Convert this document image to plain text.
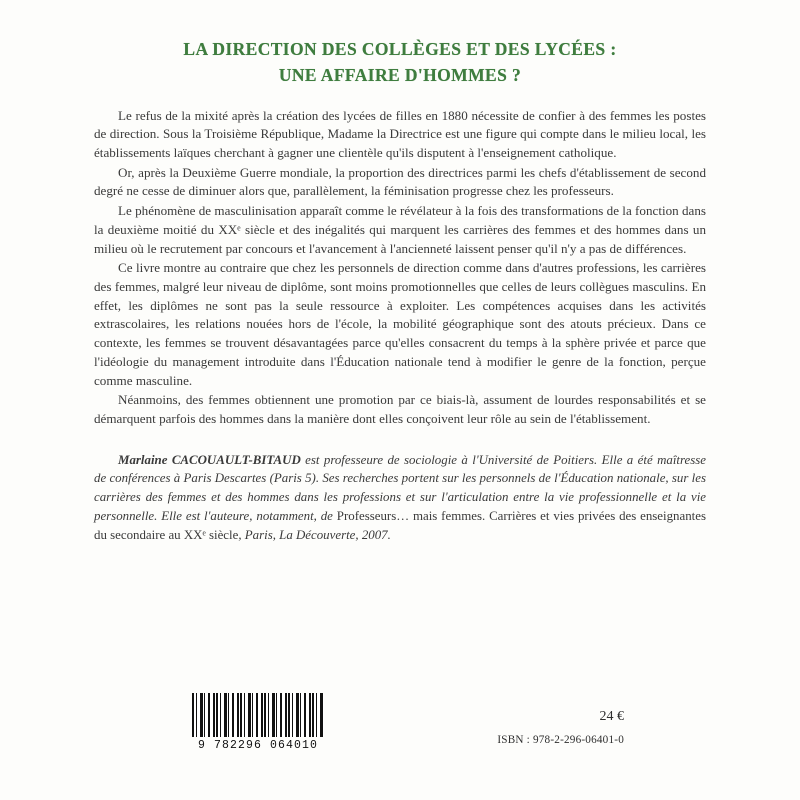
LA DIRECTION DES COLLÈGES ET DES LYCÉES :
UNE AFFAIRE D'HOMMES ?

Le refus de la mixité après la création des lycées de filles en 1880 nécessite de confier à des femmes les postes de direction. Sous la Troisième République, Madame la Directrice est une figure qui compte dans le milieu local, les établissements laïques cherchant à gagner une clientèle qu'ils disputent à l'enseignement catholique.

Or, après la Deuxième Guerre mondiale, la proportion des directrices parmi les chefs d'établissement de second degré ne cesse de diminuer alors que, parallèlement, la féminisation progresse chez les professeurs.

Le phénomène de masculinisation apparaît comme le révélateur à la fois des transformations de la fonction dans la deuxième moitié du XXᵉ siècle et des inégalités qui marquent les carrières des femmes et des hommes dans un milieu où le recrutement par concours et l'avancement à l'ancienneté laissent penser qu'il n'y a pas de différences.

Ce livre montre au contraire que chez les personnels de direction comme dans d'autres professions, les carrières des femmes, malgré leur niveau de diplôme, sont moins promotionnelles que celles de leurs collègues masculins. En effet, les diplômes ne sont pas la seule ressource à exploiter. Les compétences acquises dans les activités extrascolaires, les relations nouées hors de l'école, la mobilité géographique sont des atouts précieux. Dans ce contexte, les femmes se trouvent désavantagées parce qu'elles consacrent du temps à la sphère privée et parce que l'idéologie du management introduite dans l'Éducation nationale tend à modifier le genre de la fonction, perçue comme masculine.

Néanmoins, des femmes obtiennent une promotion par ce biais-là, assument de lourdes responsabilités et se démarquent parfois des hommes dans la manière dont elles conçoivent leur rôle au sein de l'établissement.

Marlaine CACOUAULT-BITAUD est professeure de sociologie à l'Université de Poitiers. Elle a été maîtresse de conférences à Paris Descartes (Paris 5). Ses recherches portent sur les personnels de l'Éducation nationale, sur les carrières des femmes et des hommes dans les professions et sur l'articulation entre la vie professionnelle et la vie personnelle. Elle est l'auteure, notamment, de Professeurs… mais femmes. Carrières et vies privées des enseignantes du secondaire au XXᵉ siècle, Paris, La Découverte, 2007.

9 782296 064010
24 €
ISBN : 978-2-296-06401-0
